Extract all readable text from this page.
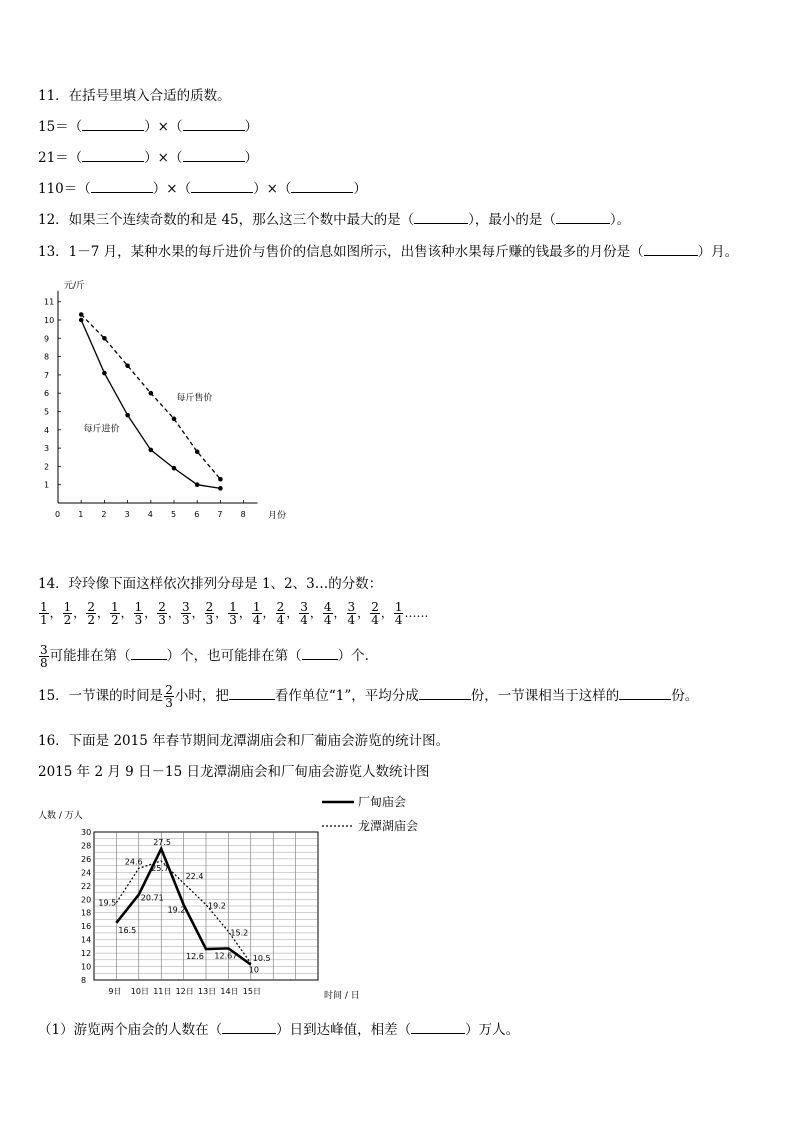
11．在括号里填入合适的质数。
15＝（	）×（	）
21＝（	）×（	）
110＝（	）×（	）×（	）
12．如果三个连续奇数的和是 45，那么这三个数中最大的是（	），最小的是（	）。
13．1－7 月，某种水果的每斤进价与售价的信息如图所示，出售该种水果每斤赚的钱最多的月份是（	）月。
元/斤
月份
0 1 2 3 4 5 6 7 8
1
2
3
4
5
6
7
8
9
10
11
每斤售价
每斤进价
14．玲玲像下面这样依次排列分母是 1、2、3…的分数：
$\frac{1}{1}$ ， $\frac{1}{2}$ ， $\frac{2}{2}$ ， $\frac{1}{2}$ ， $\frac{1}{3}$ ， $\frac{2}{3}$ ， $\frac{3}{3}$ ， $\frac{2}{3}$ ， $\frac{1}{3}$ ， $\frac{1}{4}$ ， $\frac{2}{4}$ ， $\frac{3}{4}$ ， $\frac{4}{4}$ ， $\frac{3}{4}$ ， $\frac{2}{4}$ ， $\frac{1}{4}$ ……
$\frac{3}{8}$ 可能排在第（	）个，也可能排在第（	）个.
15．一节课的时间是 $\frac{2}{3}$ 小时，把	看作单位“1”，平均分成	份，一节课相当于这样的	份。
16．下面是 2015 年春节期间龙潭湖庙会和厂葡庙会游览的统计图。
2015 年 2 月 9 日－15 日龙潭湖庙会和厂甸庙会游览人数统计图
人数 / 万人
时间 / 日
厂甸庙会
龙潭湖庙会
8
10
12
14
16
18
20
22
24
26
28
30
9日 10日 11日 12日 13日 14日 15日
19.5
16.5
24.6
20.71
27.5
25.7
22.4
19.2	19.2
12.6
15.2
12.67 10.5
10
（1）游览两个庙会的人数在（	）日到达峰值，相差（	）万人。
